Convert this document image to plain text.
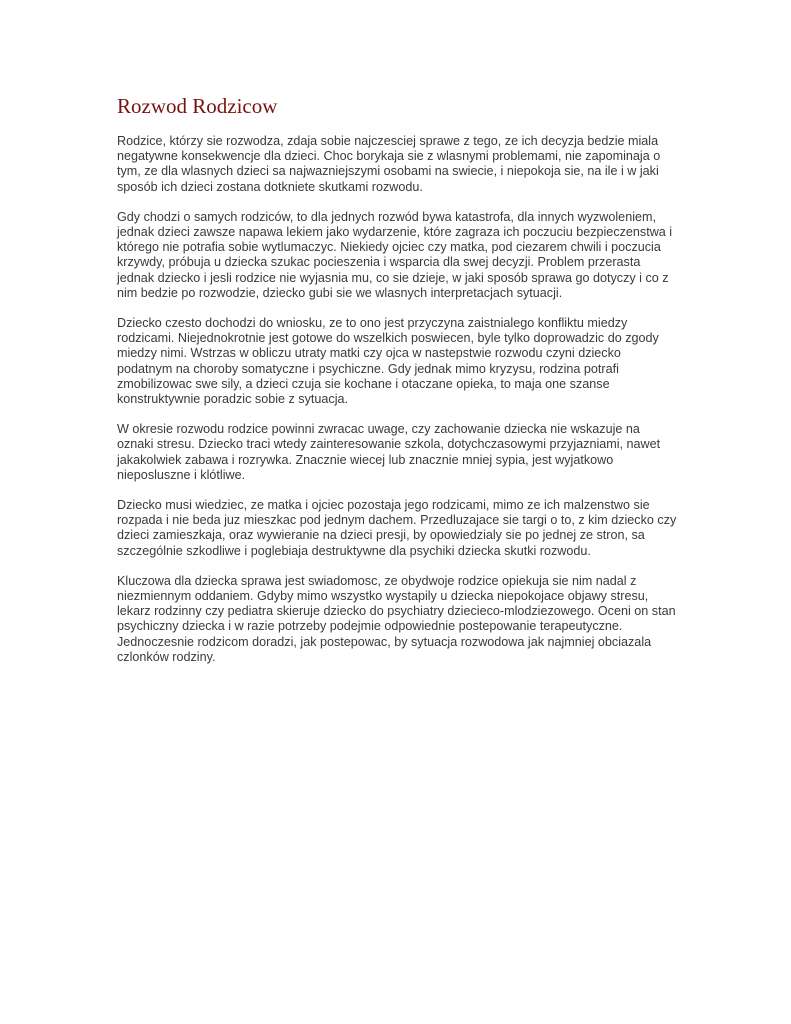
Rozwod Rodzicow

Rodzice, którzy sie rozwodza, zdaja sobie najczesciej sprawe z tego, ze ich decyzja bedzie miala negatywne konsekwencje dla dzieci. Choc borykaja sie z wlasnymi problemami, nie zapominaja o tym, ze dla wlasnych dzieci sa najwazniejszymi osobami na swiecie, i niepokoja sie, na ile i w jaki sposób ich dzieci zostana dotkniete skutkami rozwodu.

Gdy chodzi o samych rodziców, to dla jednych rozwód bywa katastrofa, dla innych wyzwoleniem, jednak dzieci zawsze napawa lekiem jako wydarzenie, które zagraza ich poczuciu bezpieczenstwa i którego nie potrafia sobie wytlumaczyc. Niekiedy ojciec czy matka, pod ciezarem chwili i poczucia krzywdy, próbuja u dziecka szukac pocieszenia i wsparcia dla swej decyzji. Problem przerasta jednak dziecko i jesli rodzice nie wyjasnia mu, co sie dzieje, w jaki sposób sprawa go dotyczy i co z nim bedzie po rozwodzie, dziecko gubi sie we wlasnych interpretacjach sytuacji.

Dziecko czesto dochodzi do wniosku, ze to ono jest przyczyna zaistnialego konfliktu miedzy rodzicami. Niejednokrotnie jest gotowe do wszelkich poswiecen, byle tylko doprowadzic do zgody miedzy nimi. Wstrzas w obliczu utraty matki czy ojca w nastepstwie rozwodu czyni dziecko podatnym na choroby somatyczne i psychiczne. Gdy jednak mimo kryzysu, rodzina potrafi zmobilizowac swe sily, a dzieci czuja sie kochane i otaczane opieka, to maja one szanse konstruktywnie poradzic sobie z sytuacja.

W okresie rozwodu rodzice powinni zwracac uwage, czy zachowanie dziecka nie wskazuje na oznaki stresu. Dziecko traci wtedy zainteresowanie szkola, dotychczasowymi przyjazniami, nawet jakakolwiek zabawa i rozrywka. Znacznie wiecej lub znacznie mniej sypia, jest wyjatkowo nieposluszne i klótliwe.

Dziecko musi wiedziec, ze matka i ojciec pozostaja jego rodzicami, mimo ze ich malzenstwo sie rozpada i nie beda juz mieszkac pod jednym dachem. Przedluzajace sie targi o to, z kim dziecko czy dzieci zamieszkaja, oraz wywieranie na dzieci presji, by opowiedzialy sie po jednej ze stron, sa szczególnie szkodliwe i poglebiaja destruktywne dla psychiki dziecka skutki rozwodu.

Kluczowa dla dziecka sprawa jest swiadomosc, ze obydwoje rodzice opiekuja sie nim nadal z niezmiennym oddaniem. Gdyby mimo wszystko wystapily u dziecka niepokojace objawy stresu, lekarz rodzinny czy pediatra skieruje dziecko do psychiatry dziecieco-mlodziezowego. Oceni on stan psychiczny dziecka i w razie potrzeby podejmie odpowiednie postepowanie terapeutyczne. Jednoczesnie rodzicom doradzi, jak postepowac, by sytuacja rozwodowa jak najmniej obciazala czlonków rodziny.
